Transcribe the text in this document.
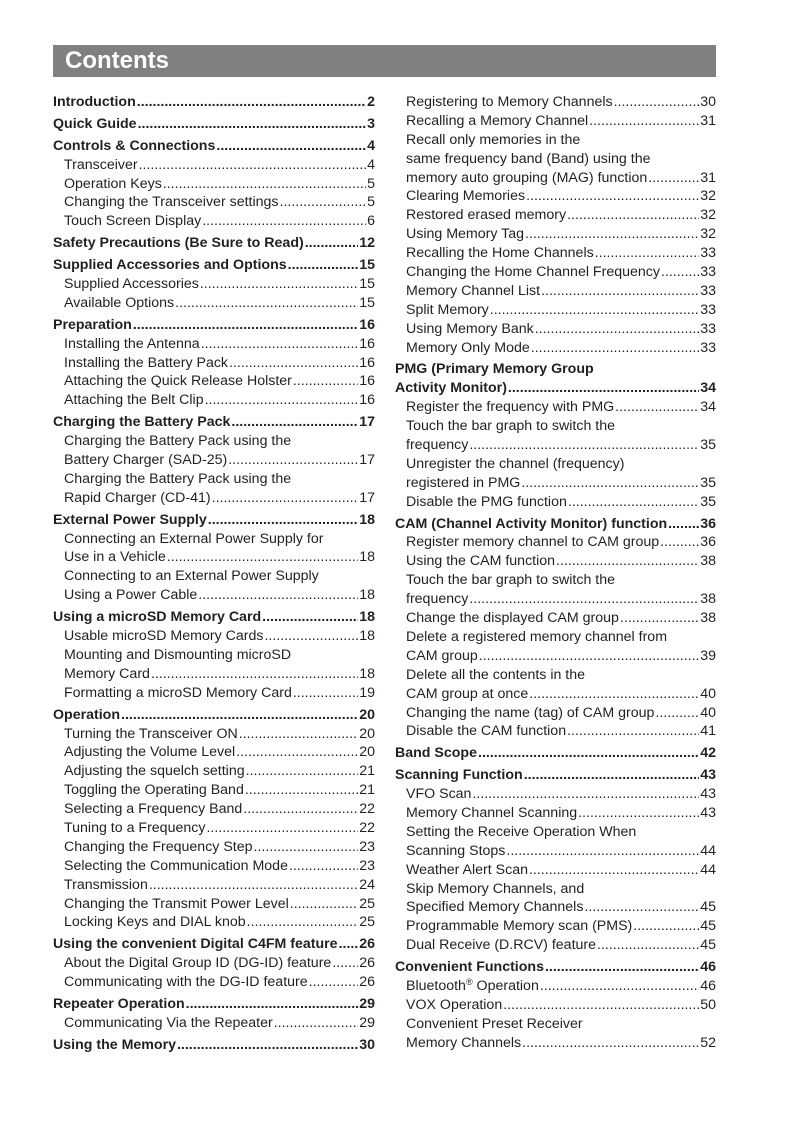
Contents
Introduction .....	2
Quick Guide .....	3
Controls & Connections .....	4
Transceiver .....	4
Operation Keys .....	5
Changing the Transceiver settings .....	5
Touch Screen Display .....	6
Safety Precautions (Be Sure to Read) .....	12
Supplied Accessories and Options .....	15
Supplied Accessories .....	15
Available Options .....	15
Preparation .....	16
Installing the Antenna .....	16
Installing the Battery Pack .....	16
Attaching the Quick Release Holster .....	16
Attaching the Belt Clip .....	16
Charging the Battery Pack .....	17
Charging the Battery Pack using the
Battery Charger (SAD-25) .....	17
Charging the Battery Pack using the
Rapid Charger (CD-41) .....	17
External Power Supply .....	18
Connecting an External Power Supply for
Use in a Vehicle .....	18
Connecting to an External Power Supply
Using a Power Cable .....	18
Using a microSD Memory Card .....	18
Usable microSD Memory Cards .....	18
Mounting and Dismounting microSD
Memory Card .....	18
Formatting a microSD Memory Card .....	19
Operation .....	20
Turning the Transceiver ON .....	20
Adjusting the Volume Level .....	20
Adjusting the squelch setting .....	21
Toggling the Operating Band .....	21
Selecting a Frequency Band .....	22
Tuning to a Frequency .....	22
Changing the Frequency Step .....	23
Selecting the Communication Mode .....	23
Transmission .....	24
Changing the Transmit Power Level .....	25
Locking Keys and DIAL knob .....	25
Using the convenient Digital C4FM feature ..... 26
About the Digital Group ID (DG-ID) feature ..... 26
Communicating with the DG-ID feature .....	26
Repeater Operation .....	29
Communicating Via the Repeater .....	29
Using the Memory .....	30
Registering to Memory Channels .....	30
Recalling a Memory Channel .....	31
Recall only memories in the
same frequency band (Band) using the
memory auto grouping (MAG) function .....	31
Clearing Memories .....	32
Restored erased memory .....	32
Using Memory Tag .....	32
Recalling the Home Channels .....	33
Changing the Home Channel Frequency .....	33
Memory Channel List .....	33
Split Memory .....	33
Using Memory Bank .....	33
Memory Only Mode .....	33
PMG (Primary Memory Group
Activity Monitor) .....	34
Register the frequency with PMG .....	34
Touch the bar graph to switch the
frequency .....	35
Unregister the channel (frequency)
registered in PMG .....	35
Disable the PMG function .....	35
CAM (Channel Activity Monitor) function ..... 36
Register memory channel to CAM group .....	36
Using the CAM function .....	38
Touch the bar graph to switch the
frequency .....	38
Change the displayed CAM group .....	38
Delete a registered memory channel from
CAM group .....	39
Delete all the contents in the
CAM group at once .....	40
Changing the name (tag) of CAM group .....	40
Disable the CAM function .....	41
Band Scope .....	42
Scanning Function .....	43
VFO Scan .....	43
Memory Channel Scanning .....	43
Setting the Receive Operation When
Scanning Stops .....	44
Weather Alert Scan .....	44
Skip Memory Channels, and
Specified Memory Channels .....	45
Programmable Memory scan (PMS) .....	45
Dual Receive (D.RCV) feature .....	45
Convenient Functions .....	46
Bluetooth® Operation .....	46
VOX Operation .....	50
Convenient Preset Receiver
Memory Channels .....	52
